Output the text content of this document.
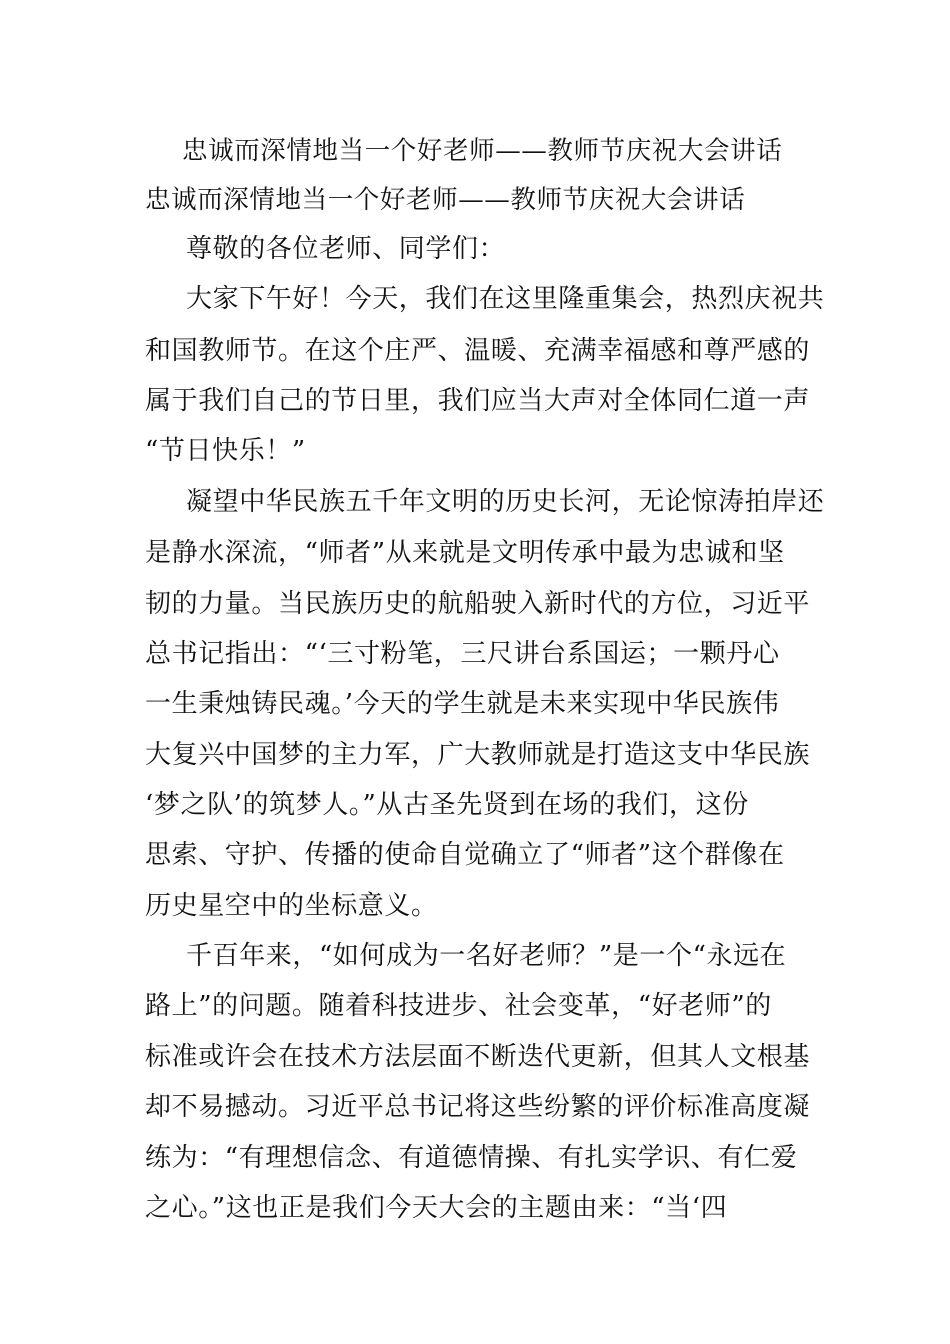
忠诚而深情地当一个好老师——教师节庆祝大会讲话
忠诚而深情地当一个好老师——教师节庆祝大会讲话
尊敬的各位老师、同学们：
大家下午好！今天，我们在这里隆重集会，热烈庆祝共
和国教师节。在这个庄严、温暖、充满幸福感和尊严感的
属于我们自己的节日里，我们应当大声对全体同仁道一声
“节日快乐！”
凝望中华民族五千年文明的历史长河，无论惊涛拍岸还
是静水深流，“师者”从来就是文明传承中最为忠诚和坚
韧的力量。当民族历史的航船驶入新时代的方位，习近平
总书记指出：“‘三寸粉笔，三尺讲台系国运；一颗丹心
一生秉烛铸民魂。’今天的学生就是未来实现中华民族伟
大复兴中国梦的主力军，广大教师就是打造这支中华民族
‘梦之队’的筑梦人。”从古圣先贤到在场的我们，这份
思索、守护、传播的使命自觉确立了“师者”这个群像在
历史星空中的坐标意义。
千百年来，“如何成为一名好老师？”是一个“永远在
路上”的问题。随着科技进步、社会变革，“好老师”的
标准或许会在技术方法层面不断迭代更新，但其人文根基
却不易撼动。习近平总书记将这些纷繁的评价标准高度凝
练为：“有理想信念、有道德情操、有扎实学识、有仁爱
之心。”这也正是我们今天大会的主题由来：“当‘四
